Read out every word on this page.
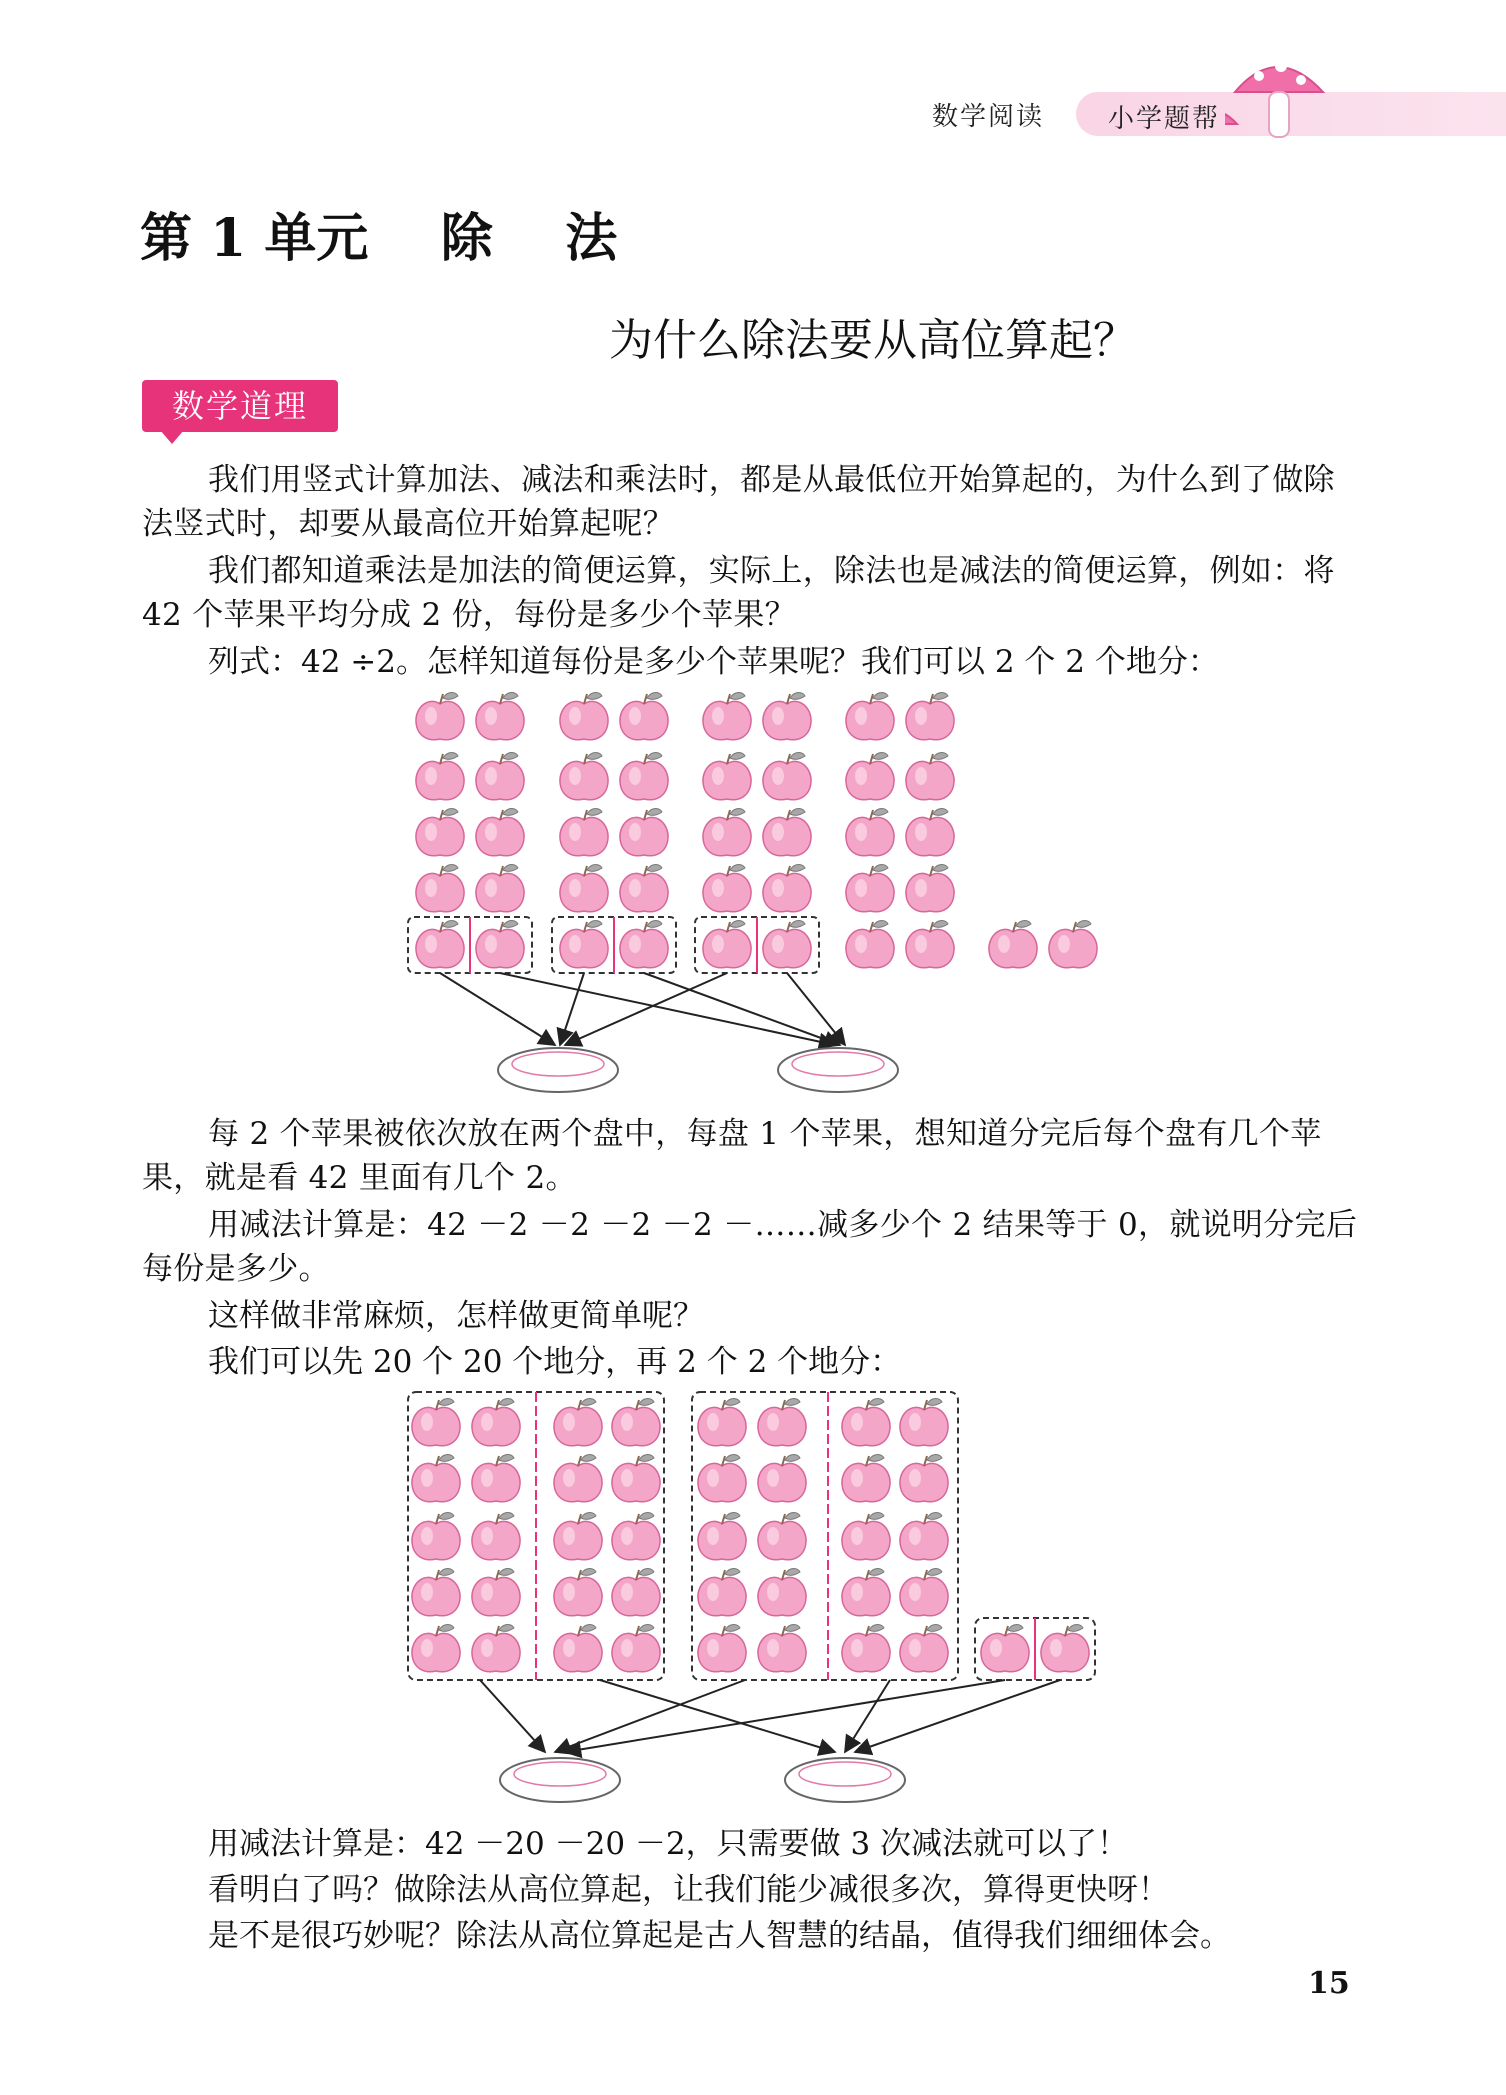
数学阅读 小学题帮
第 1 单元    除    法
为什么除法要从高位算起？
数学道理

我们用竖式计算加法、减法和乘法时，都是从最低位开始算起的，为什么到了做除法竖式时，却要从最高位开始算起呢？

我们都知道乘法是加法的简便运算，实际上，除法也是减法的简便运算，例如：将 42 个苹果平均分成 2 份，每份是多少个苹果？

列式：42 ÷2。怎样知道每份是多少个苹果呢？我们可以 2 个 2 个地分：

每 2 个苹果被依次放在两个盘中，每盘 1 个苹果，想知道分完后每个盘有几个苹果，就是看 42 里面有几个 2。

用减法计算是：42 －2 －2 －2 －2 －……减多少个 2 结果等于 0，就说明分完后每份是多少。

这样做非常麻烦，怎样做更简单呢？

我们可以先 20 个 20 个地分，再 2 个 2 个地分：

用减法计算是：42 －20 －20 －2，只需要做 3 次减法就可以了！

看明白了吗？做除法从高位算起，让我们能少减很多次，算得更快呀！

是不是很巧妙呢？除法从高位算起是古人智慧的结晶，值得我们细细体会。

15
